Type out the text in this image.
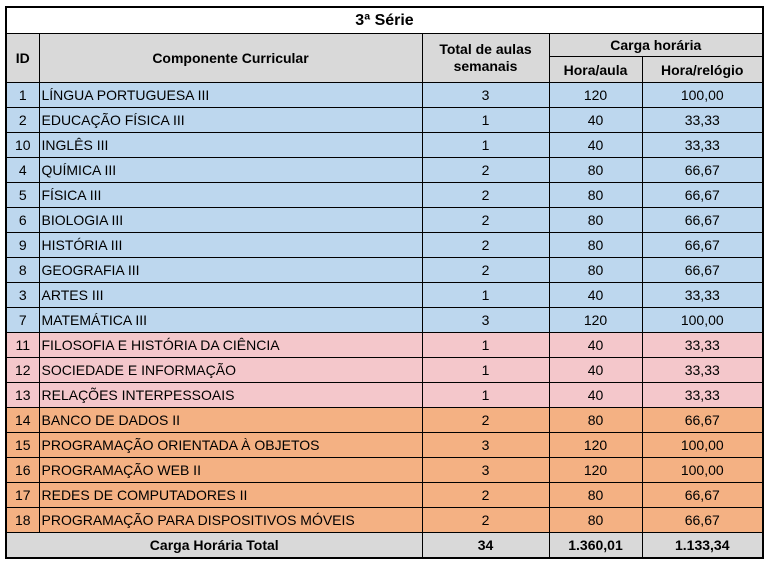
3ª Série				
ID	Componente Curricular	Total de aulas semanais	Carga horária	
			Hora/aula	Hora/relógio
1	LÍNGUA PORTUGUESA III	3	120	100,00
2	EDUCAÇÃO FÍSICA III	1	40	33,33
10	INGLÊS III	1	40	33,33
4	QUÍMICA III	2	80	66,67
5	FÍSICA III	2	80	66,67
6	BIOLOGIA III	2	80	66,67
9	HISTÓRIA III	2	80	66,67
8	GEOGRAFIA III	2	80	66,67
3	ARTES III	1	40	33,33
7	MATEMÁTICA III	3	120	100,00
11	FILOSOFIA E HISTÓRIA DA CIÊNCIA	1	40	33,33
12	SOCIEDADE E INFORMAÇÃO	1	40	33,33
13	RELAÇÕES INTERPESSOAIS	1	40	33,33
14	BANCO DE DADOS II	2	80	66,67
15	PROGRAMAÇÃO ORIENTADA À OBJETOS	3	120	100,00
16	PROGRAMAÇÃO WEB II	3	120	100,00
17	REDES DE COMPUTADORES II	2	80	66,67
18	PROGRAMAÇÃO PARA DISPOSITIVOS MÓVEIS	2	80	66,67
Carga Horária Total		34	1.360,01	1.133,34
